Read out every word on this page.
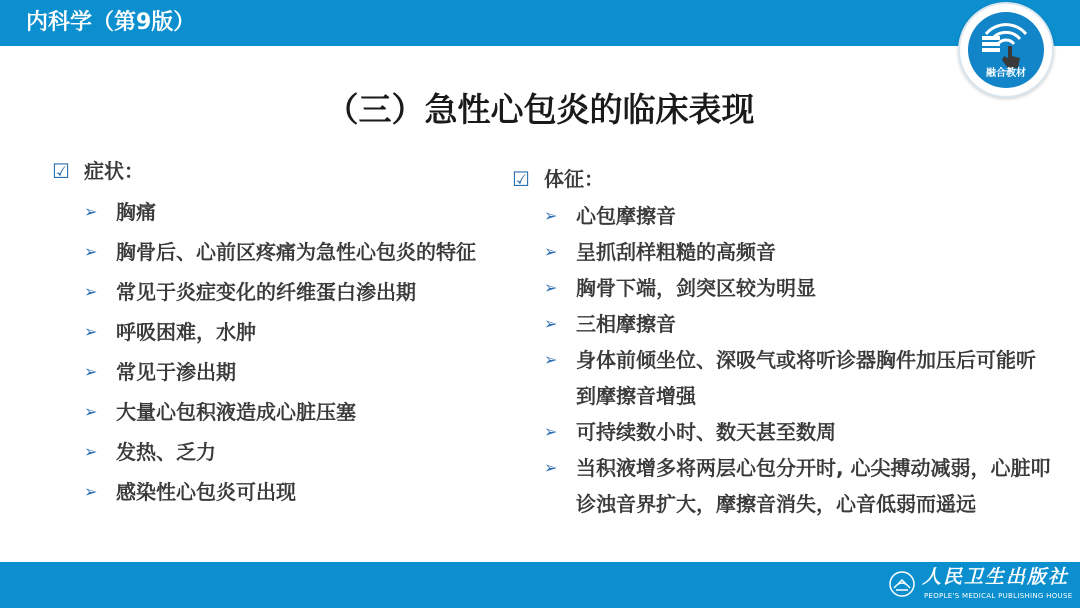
内科学（第9版）
融合教材
（三）急性心包炎的临床表现
☑ 症状：
➢ 胸痛
➢ 胸骨后、心前区疼痛为急性心包炎的特征
➢ 常见于炎症变化的纤维蛋白渗出期
➢ 呼吸困难，水肿
➢ 常见于渗出期
➢ 大量心包积液造成心脏压塞
➢ 发热、乏力
➢ 感染性心包炎可出现
☑ 体征：
➢ 心包摩擦音
➢ 呈抓刮样粗糙的高频音
➢ 胸骨下端，剑突区较为明显
➢ 三相摩擦音
➢ 身体前倾坐位、深吸气或将听诊器胸件加压后可能听到摩擦音增强
➢ 可持续数小时、数天甚至数周
➢ 当积液增多将两层心包分开时, 心尖搏动减弱，心脏叩诊浊音界扩大，摩擦音消失，心音低弱而遥远
人民卫生出版社
PEOPLE'S MEDICAL PUBLISHING HOUSE
